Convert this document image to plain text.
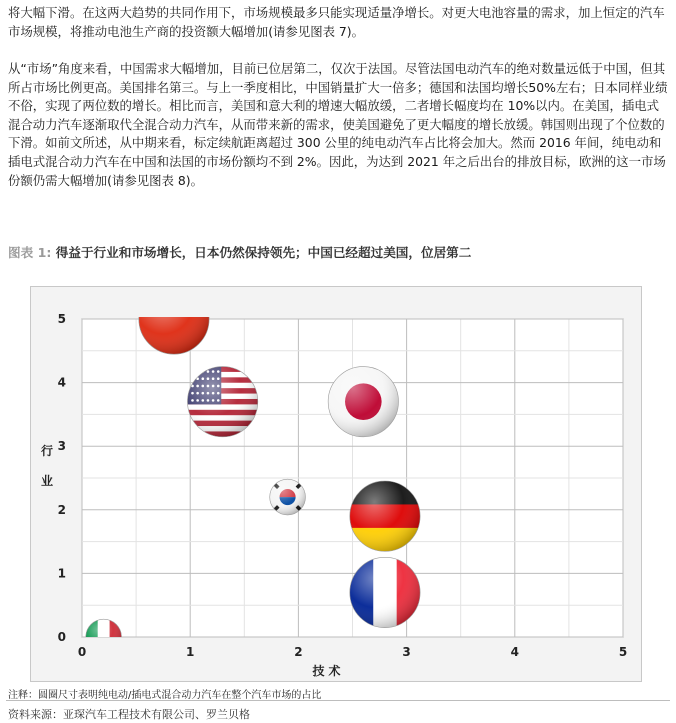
将大幅下滑。在这两大趋势的共同作用下，市场规模最多只能实现适量净增长。对更大电池容量的需求，加上恒定的汽车市场规模，将推动电池生产商的投资额大幅增加(请参见图表 7)。

从“市场”角度来看，中国需求大幅增加，目前已位居第二，仅次于法国。尽管法国电动汽车的绝对数量远低于中国，但其所占市场比例更高。美国排名第三。与上一季度相比，中国销量扩大一倍多；德国和法国均增长50%左右；日本同样业绩不俗，实现了两位数的增长。相比而言，美国和意大利的增速大幅放缓，二者增长幅度均在 10%以内。在美国，插电式混合动力汽车逐渐取代全混合动力汽车，从而带来新的需求，使美国避免了更大幅度的增长放缓。韩国则出现了个位数的下滑。如前文所述，从中期来看，标定续航距离超过 300 公里的纯电动汽车占比将会加大。然而 2016 年间，纯电动和插电式混合动力汽车在中国和法国的市场份额均不到 2%。因此，为达到 2021 年之后出台的排放目标，欧洲的这一市场份额仍需大幅增加(请参见图表 8)。

图表 1: 得益于行业和市场增长，日本仍然保持领先；中国已经超过美国，位居第二
0	1	2	3	4	5
0
1
2
3
4
5
技术
行
业
注释：圆圈尺寸表明纯电动/插电式混合动力汽车在整个汽车市场的占比
资料来源：亚琛汽车工程技术有限公司、罗兰贝格
